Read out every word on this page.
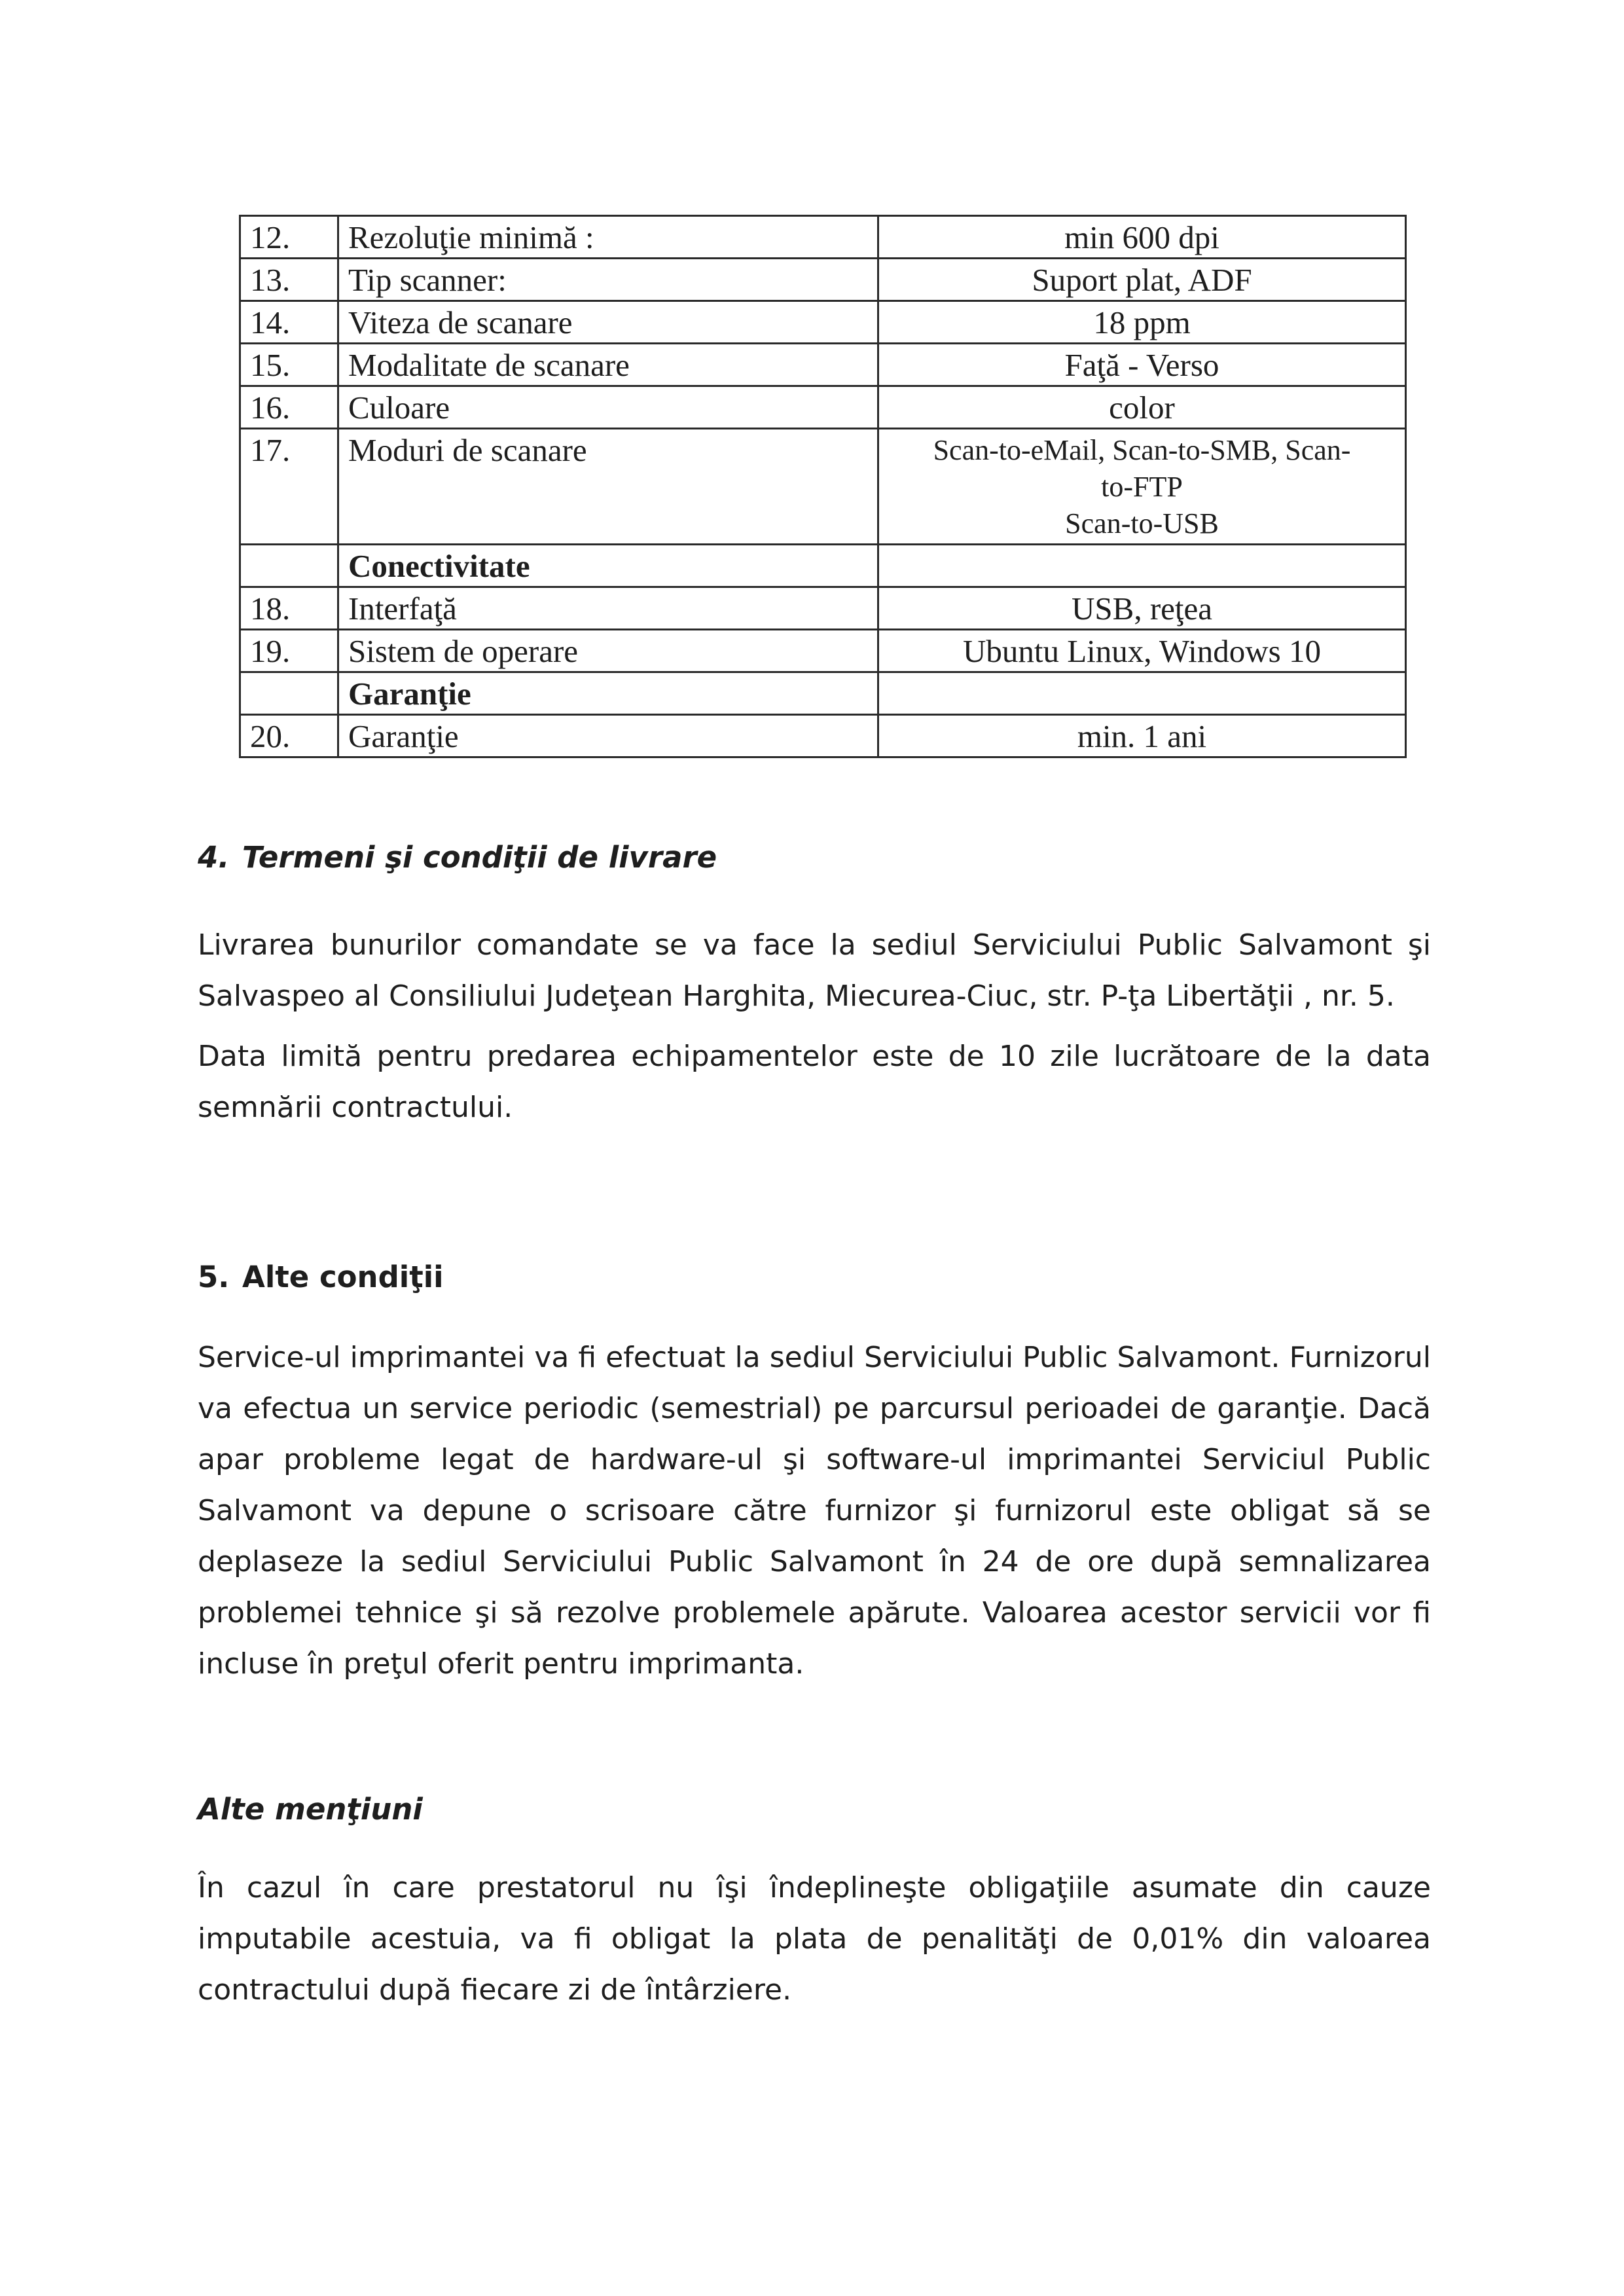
12.	Rezoluţie minimă :	min 600 dpi
13.	Tip scanner:	Suport plat, ADF
14.	Viteza de scanare	18 ppm
15.	Modalitate de scanare	Faţă - Verso
16.	Culoare	color
17.	Moduri de scanare	Scan-to-eMail, Scan-to-SMB, Scan-
to-FTP
Scan-to-USB

	Conectivitate	
18.	Interfaţă	USB, reţea
19.	Sistem de operare	Ubuntu Linux, Windows 10
	Garanţie	
20.	Garanţie	min. 1 ani
4. Termeni şi condiţii de livrare

Livrarea bunurilor comandate se va face la sediul Serviciului Public Salvamont şi Salvaspeo al Consiliului Judeţean Harghita, Miecurea-Ciuc, str. P-ţa Libertăţii , nr. 5.

Data limită pentru predarea echipamentelor este de 10 zile lucrătoare de la data semnării contractului.

5. Alte condiţii

Service-ul imprimantei va fi efectuat la sediul Serviciului Public Salvamont. Furnizorul va efectua un service periodic (semestrial) pe parcursul perioadei de garanţie. Dacă apar probleme legat de hardware-ul şi software-ul imprimantei Serviciul Public Salvamont va depune o scrisoare către furnizor şi furnizorul este obligat să se deplaseze la sediul Serviciului Public Salvamont în 24 de ore după semnalizarea problemei tehnice şi să rezolve problemele apărute. Valoarea acestor servicii vor fi incluse în preţul oferit pentru imprimanta.

Alte menţiuni

În cazul în care prestatorul nu îşi îndeplineşte obligaţiile asumate din cauze imputabile acestuia, va fi obligat la plata de penalităţi de 0,01% din valoarea contractului după fiecare zi de întârziere.
